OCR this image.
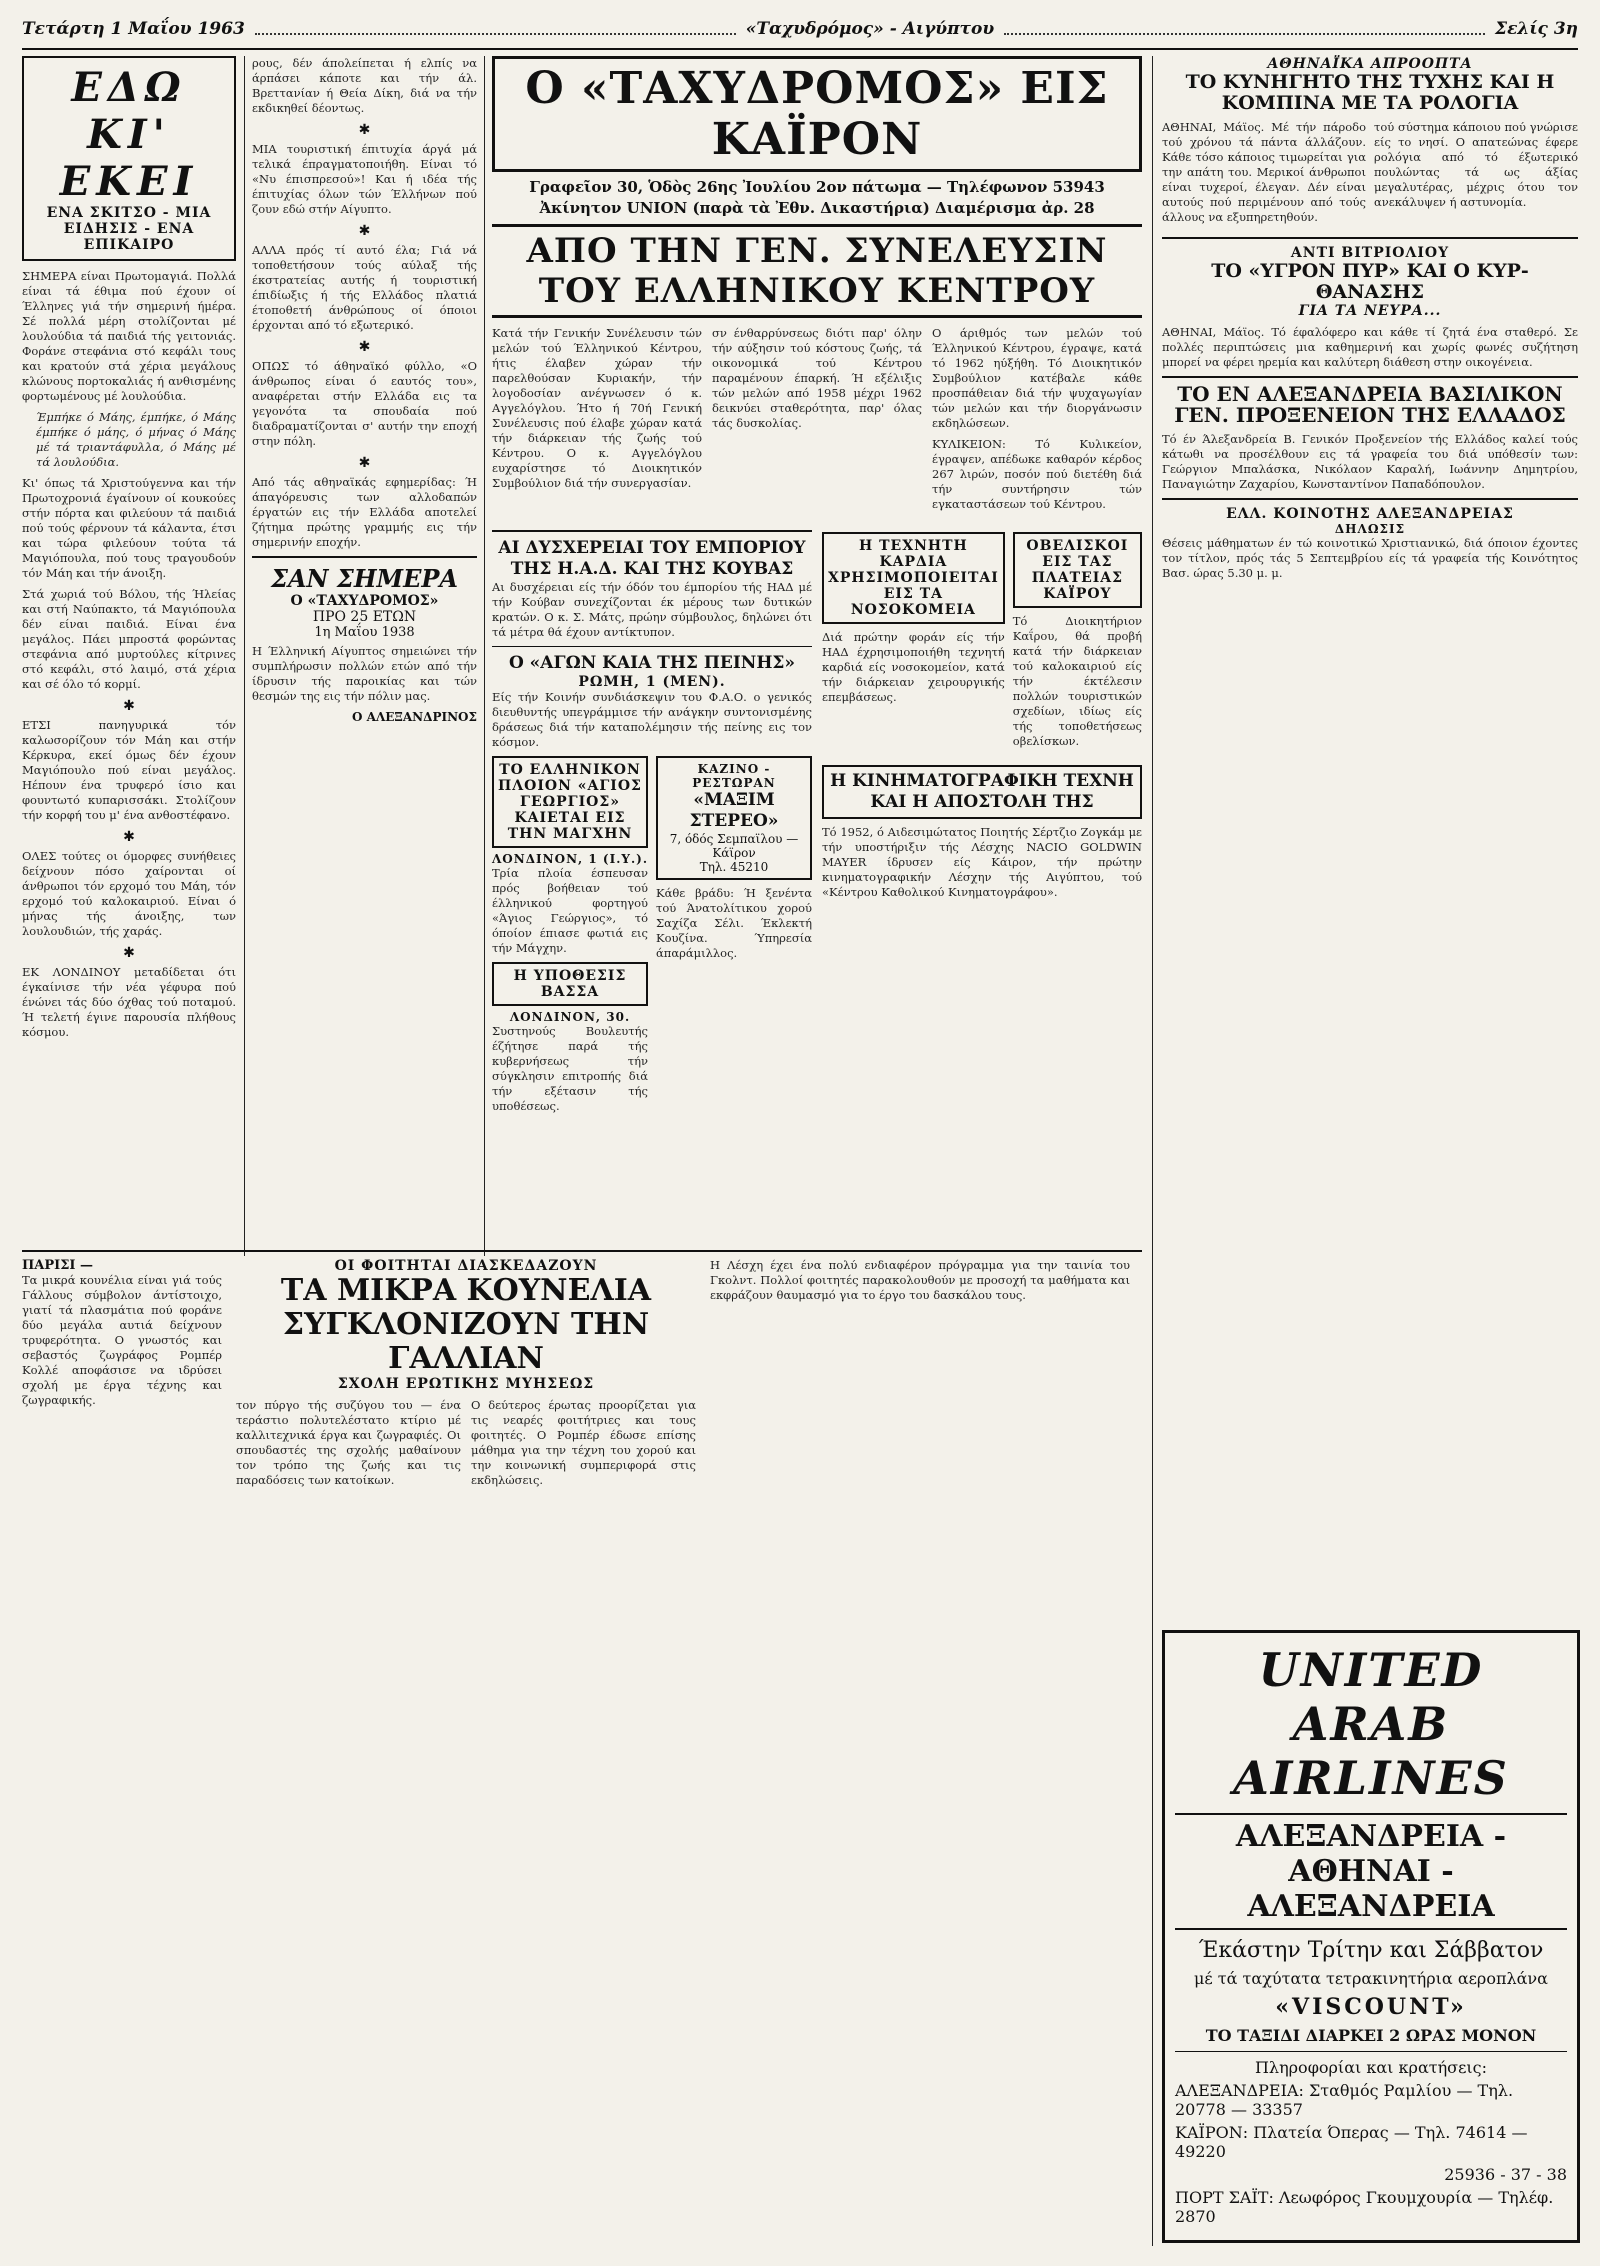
Τετάρτη 1 Μαΐου 1963	«Ταχυδρόμος» - Αιγύπτου	Σελίς 3η
ΕΔΩ ΚΙ' ΕΚΕΙ
ΕΝΑ ΣΚΙΤΣΟ - ΜΙΑ ΕΙΔΗΣΙΣ - ΕΝΑ ΕΠΙΚΑΙΡΟ

ΣΗΜΕΡΑ είναι Πρωτομαγιά. Πολλά είναι τά έθιμα πού έχουν οί Έλληνες γιά τήν σημερινή ήμέρα. Σέ πολλά μέρη στολίζονται μέ λουλούδια τά παιδιά τής γειτονιάς. Φοράνε στεφάνια στό κεφάλι τους και κρατούν στά χέρια μεγάλους κλώνους πορτοκαλιάς ή ανθισμένης φορτωμένους μέ λουλούδια.

Έμπήκε ό Μάης, έμπήκε, ό Μάης έμπήκε ό μάης, ό μήνας ό Μάης μέ τά τριαντάφυλλα, ό Μάης μέ τά λουλούδια.

Κι' όπως τά Χριστούγεννα και τήν Πρωτοχρονιά έγαίνουν οί κουκούες στήν πόρτα και φιλεύουν τά παιδιά πού τούς φέρνουν τά κάλαντα, έτσι και τώρα φιλεύουν τούτα τά Μαγιόπουλα, πού τους τραγουδούν τόν Μάη και τήν άνοιξη.

Στά χωριά τού Βόλου, τής Ήλείας και στή Ναύπακτο, τά Μαγιόπουλα δέν είναι παιδιά. Είναι ένα μεγάλος. Πάει μπροστά φορώντας στεφάνια από μυρτούλες κίτρινες στό κεφάλι, στό λαιμό, στά χέρια και σέ όλο τό κορμί.

✱

ΕΤΣΙ πανηγυρικά τόν καλωσορίζουν τόν Μάη και στήν Κέρκυρα, εκεί όμως δέν έχουν Μαγιόπουλο πού είναι μεγάλος. Ηέπουν ένα τρυφερό ίσιο και φουντωτό κυπαρισσάκι. Στολίζουν τήν κορφή του μ' ένα ανθοστέφανο.

✱

ΟΛΕΣ τούτες οι όμορφες συνήθειες δείχνουν πόσο χαίρονται οί άνθρωποι τόν ερχομό του Μάη, τόν ερχομό τού καλοκαιριού. Είναι ό μήνας τής άνοιξης, των λουλουδιών, τής χαράς.

✱

ΕΚ ΛΟΝΔΙΝΟΥ μεταδίδεται ότι έγκαίνισε τήν νέα γέφυρα πού ένώνει τάς δύο όχθας τού ποταμού. Ή τελετή έγινε παρουσία πλήθους κόσμου.

ρους, δέν άπολείπεται ή ελπίς να άρπάσει κάποτε και τήν άλ. Βρεττανίαν ή Θεία Δίκη, διά να τήν εκδικηθεί δέοντως.

✱

ΜΙΑ τουριστική έπιτυχία άργά μά τελικά έπραγματοποιήθη. Είναι τό «Νυ έπισπρεσού»! Και ή ιδέα τής έπιτυχίας όλων τών Έλλήνων πού ζουν εδώ στήν Αίγυπτο.

✱

ΑΛΛΑ πρός τί αυτό έλα; Γιά νά τοποθετήσουν τούς αύλαξ τής έκστρατείας αυτής ή τουριστική έπιδίωξις ή τής Ελλάδος πλατιά έτοποθετή άνθρώπους οί όποιοι έρχονται από τό εξωτερικό.

✱

ΟΠΩΣ τό άθηναϊκό φύλλο, «Ο άνθρωπος είναι ό εαυτός του», αναφέρεται στήν Ελλάδα εις τα γεγονότα τα σπουδαία πού διαδραματίζονται σ' αυτήν την εποχή στην πόλη.

✱

Από τάς αθηναϊκάς εφημερίδας: Ή άπαγόρευσις των αλλοδαπών έργατών εις τήν Ελλάδα αποτελεί ζήτημα πρώτης γραμμής εις τήν σημερινήν εποχήν.

ΣΑΝ ΣΗΜΕΡΑ
Ο «ΤΑΧΥΔΡΟΜΟΣ»
ΠΡΟ 25 ΕΤΩΝ
1η Μαΐου 1938

Η Έλληνική Αίγυπτος σημειώνει τήν συμπλήρωσιν πολλών ετών από τήν ίδρυσιν τής παροικίας και τών θεσμών της εις τήν πόλιν μας.

Ο ΑΛΕΞΑΝΔΡΙΝΟΣ
Ο «ΤΑΧΥΔΡΟΜΟΣ» ΕΙΣ ΚΑΪΡΟΝ
Γραφεῖον 30, Ὁδὸς 26ης Ἰουλίου 2ον πάτωμα — Τηλέφωνον 53943
Ἀκίνητον UNION (παρὰ τὰ Ἐθν. Δικαστήρια) Διαμέρισμα ἀρ. 28
ΑΠΟ ΤΗΝ ΓΕΝ. ΣΥΝΕΛΕΥΣΙΝ ΤΟΥ ΕΛΛΗΝΙΚΟΥ ΚΕΝΤΡΟΥ

Κατά τήν Γενικήν Συνέλευσιν τών μελών τού Έλληνικού Κέντρου, ήτις έλαβεν χώραν τήν παρελθούσαν Κυριακήν, τήν λογοδοσίαν ανέγνωσεν ό κ. Αγγελόγλου. Ήτο ή 70ή Γενική Συνέλευσις πού έλαβε χώραν κατά τήν διάρκειαν τής ζωής τού Κέντρου. Ο κ. Αγγελόγλου ευχαρίστησε τό Διοικητικόν Συμβούλιον διά τήν συνεργασίαν.

σν ένθαρρύνσεως διότι παρ' όλην τήν αύξησιν τού κόστους ζωής, τά οικονομικά τού Κέντρου παραμένουν έπαρκή. Ή εξέλιξις τών μελών από 1958 μέχρι 1962 δεικνύει σταθερότητα, παρ' όλας τάς δυσκολίας.

Ο άριθμός των μελών τού Έλληνικού Κέντρου, έγραψε, κατά τό 1962 ηύξήθη. Τό Διοικητικόν Συμβούλιον κατέβαλε κάθε προσπάθειαν διά τήν ψυχαγωγίαν τών μελών και τήν διοργάνωσιν εκδηλώσεων.

ΚΥΛΙΚΕΙΟΝ: Τό Κυλικείον, έγραψεν, απέδωκε καθαρόν κέρδος 267 λιρών, ποσόν πού διετέθη διά τήν συντήρησιν τών εγκαταστάσεων τού Κέντρου.

ΑΙ ΔΥΣΧΕΡΕΙΑΙ ΤΟΥ ΕΜΠΟΡΙΟΥ ΤΗΣ Η.Α.Δ. ΚΑΙ ΤΗΣ ΚΟΥΒΑΣ

Αι δυσχέρειαι είς τήν όδόν του έμπορίου τής ΗΑΔ μέ τήν Κούβαν συνεχίζονται έκ μέρους των δυτικών κρατών. Ο κ. Σ. Μάτς, πρώην σύμβουλος, δηλώνει ότι τά μέτρα θά έχουν αντίκτυπον.

Ο «ΑΓΩΝ ΚΑΙΑ ΤΗΣ ΠΕΙΝΗΣ»
ΡΩΜΗ, 1 (ΜΕΝ).

Είς τήν Κοινήν συνδιάσκεψιν του Φ.Α.Ο. ο γενικός διευθυντής υπεγράμμισε τήν ανάγκην συντονισμένης δράσεως διά τήν καταπολέμησιν τής πείνης εις τον κόσμον.

ΤΟ ΕΛΛΗΝΙΚΟΝ ΠΛΟΙΟΝ «ΑΓΙΟΣ ΓΕΩΡΓΙΟΣ» ΚΑΙΕΤΑΙ ΕΙΣ ΤΗΝ ΜΑΓΧΗΝ
ΛΟΝΔΙΝΟΝ, 1 (Ι.Υ.).

Τρία πλοία έσπευσαν πρός βοήθειαν τού έλληνικού φορτηγού «Άγιος Γεώργιος», τό όποίον έπιασε φωτιά εις τήν Μάγχην.

Η ΥΠΟΘΕΣΙΣ ΒΑΣΣΑ
ΛΟΝΔΙΝΟΝ, 30.

Συστηνούς Βουλευτής έζήτησε παρά τής κυβερνήσεως τήν σύγκλησιν επιτροπής διά τήν εξέτασιν τής υποθέσεως.

ΚΑΖΙΝΟ - ΡΕΣΤΩΡΑΝ
«ΜΑΞΙΜ ΣΤΕΡΕΟ»
7, όδός Σεμπαϊλου — Κάϊρον
Τηλ. 45210

Κάθε βράδυ: Ή ξενέντα τού Άνατολίτικου χορού Σαχίζα Σέλι. Έκλεκτή Κουζίνα. Ύπηρεσία άπαράμιλλος.

Η ΤΕΧΝΗΤΗ ΚΑΡΔΙΑ ΧΡΗΣΙΜΟΠΟΙΕΙΤΑΙ ΕΙΣ ΤΑ ΝΟΣΟΚΟΜΕΙΑ

Διά πρώτην φοράν είς τήν ΗΑΔ έχρησιμοποιήθη τεχνητή καρδιά είς νοσοκομείον, κατά τήν διάρκειαν χειρουργικής επεμβάσεως.

ΟΒΕΛΙΣΚΟΙ ΕΙΣ ΤΑΣ ΠΛΑΤΕΙΑΣ ΚΑΪΡΟΥ

Τό Διοικητήριον Καΐρου, θά προβή κατά τήν διάρκειαν τού καλοκαιριού είς τήν έκτέλεσιν πολλών τουριστικών σχεδίων, ιδίως είς τής τοποθετήσεως οβελίσκων.

Η ΚΙΝΗΜΑΤΟΓΡΑΦΙΚΗ ΤΕΧΝΗ ΚΑΙ Η ΑΠΟΣΤΟΛΗ ΤΗΣ

Τό 1952, ό Αιδεσιμώτατος Ποιητής Σέρτζιο Ζογκάμ με τήν υποστήριξιν τής Λέσχης NACIO GOLDWIN MAYER ίδρυσεν είς Κάιρον, τήν πρώτην κινηματογραφικήν Λέσχην τής Αιγύπτου, τού «Κέντρου Καθολικού Κινηματογράφου».

ΑΘΗΝΑΪΚΑ ΑΠΡΟΟΠΤΑ
ΤΟ ΚΥΝΗΓΗΤΟ ΤΗΣ ΤΥΧΗΣ ΚΑΙ Η ΚΟΜΠΙΝΑ ΜΕ ΤΑ ΡΟΛΟΓΙΑ

ΑΘΗΝΑΙ, Μάϊος. Μέ τήν πάροδο τού χρόνου τά πάντα άλλάζουν. Κάθε τόσο κάποιος τιμωρείται για την απάτη του. Μερικοί άνθρωποι είναι τυχεροί, έλεγαν. Δέν είναι αυτούς πού περιμένουν από τούς άλλους να εξυπηρετηθούν.

τού σύστημα κάποιου πού γνώρισε είς το νησί. Ο απατεώνας έφερε ρολόγια από τό έξωτερικό πουλώντας τά ως άξίας μεγαλυτέρας, μέχρις ότου τον ανεκάλυψεν ή αστυνομία.

ΑΝΤΙ ΒΙΤΡΙΟΛΙΟΥ
ΤΟ «ΥΓΡΟΝ ΠΥΡ» ΚΑΙ Ο ΚΥΡ-ΘΑΝΑΣΗΣ
ΓΙΑ ΤΑ ΝΕΥΡΑ...

ΑΘΗΝΑΙ, Μάϊος. Τό έφαλόφερο και κάθε τί ζητά ένα σταθερό. Σε πολλές περιπτώσεις μια καθημερινή και χωρίς φωνές συζήτηση μπορεί να φέρει ηρεμία και καλύτερη διάθεση στην οικογένεια.

ΤΟ ΕΝ ΑΛΕΞΑΝΔΡΕΙΑ ΒΑΣΙΛΙΚΟΝ ΓΕΝ. ΠΡΟΞΕΝΕΙΟΝ ΤΗΣ ΕΛΛΑΔΟΣ

Τό έν Άλεξανδρεία Β. Γενικόν Προξενείον τής Ελλάδος καλεί τούς κάτωθι να προσέλθουν εις τά γραφεία του διά υπόθεσίν των: Γεώργιον Μπαλάσκα, Νικόλαον Καραλή, Ιωάννην Δημητρίου, Παναγιώτην Ζαχαρίου, Κωνσταντίνον Παπαδόπουλον.

ΕΛΛ. ΚΟΙΝΟΤΗΣ ΑΛΕΞΑΝΔΡΕΙΑΣ
ΔΗΛΩΣΙΣ

Θέσεις μάθηματων έν τώ κοινοτικώ Χριστιανικώ, διά όποιον έχοντες τον τίτλον, πρός τάς 5 Σεπτεμβρίου είς τά γραφεία τής Κοινότητος Βασ. ώρας 5.30 μ. μ.

ΠΑΡΙΣΙ —

Τα μικρά κουνέλια είναι γιά τούς Γάλλους σύμβολον άντίστοιχο, γιατί τά πλασμάτια πού φοράνε δύο μεγάλα αυτιά δείχνουν τρυφερότητα. Ο γνωστός και σεβαστός ζωγράφος Ρομπέρ Κολλέ αποφάσισε να ιδρύσει σχολή με έργα τέχνης και ζωγραφικής.

ΟΙ ΦΟΙΤΗΤΑΙ ΔΙΑΣΚΕΔΑΖΟΥΝ
ΤΑ ΜΙΚΡΑ ΚΟΥΝΕΛΙΑ ΣΥΓΚΛΟΝΙΖΟΥΝ ΤΗΝ ΓΑΛΛΙΑΝ
ΣΧΟΛΗ ΕΡΩΤΙΚΗΣ ΜΥΗΣΕΩΣ

τον πύργο τής συζύγου του — ένα τεράστιο πολυτελέστατο κτίριο μέ καλλιτεχνικά έργα και ζωγραφιές. Οι σπουδαστές της σχολής μαθαίνουν τον τρόπο της ζωής και τις παραδόσεις των κατοίκων.

Ο δεύτερος έρωτας προορίζεται για τις νεαρές φοιτήτριες και τους φοιτητές. Ο Ρομπέρ έδωσε επίσης μάθημα για την τέχνη του χορού και την κοινωνική συμπεριφορά στις εκδηλώσεις.

Η Λέσχη έχει ένα πολύ ενδιαφέρον πρόγραμμα για την ταινία του Γκολντ. Πολλοί φοιτητές παρακολουθούν με προσοχή τα μαθήματα και εκφράζουν θαυμασμό για το έργο του δασκάλου τους.

UNITED ARAB AIRLINES
ΑΛΕΞΑΝΔΡΕΙΑ - ΑΘΗΝΑΙ - ΑΛΕΞΑΝΔΡΕΙΑ
Έκάστην Τρίτην και Σάββατον
μέ τά ταχύτατα τετρακινητήρια αεροπλάνα
«VISCOUNT»
ΤΟ ΤΑΞΙΔΙ ΔΙΑΡΚΕΙ 2 ΩΡΑΣ ΜΟΝΟΝ
Πληροφορίαι και κρατήσεις:
ΑΛΕΞΑΝΔΡΕΙΑ: Σταθμός Ραμλίου — Τηλ. 20778 — 33357
ΚΑΪΡΟΝ: Πλατεία Όπερας — Τηλ. 74614 — 49220
25936 - 37 - 38
ΠΟΡΤ ΣΑΪΤ: Λεωφόρος Γκουμχουρία — Τηλέφ. 2870
